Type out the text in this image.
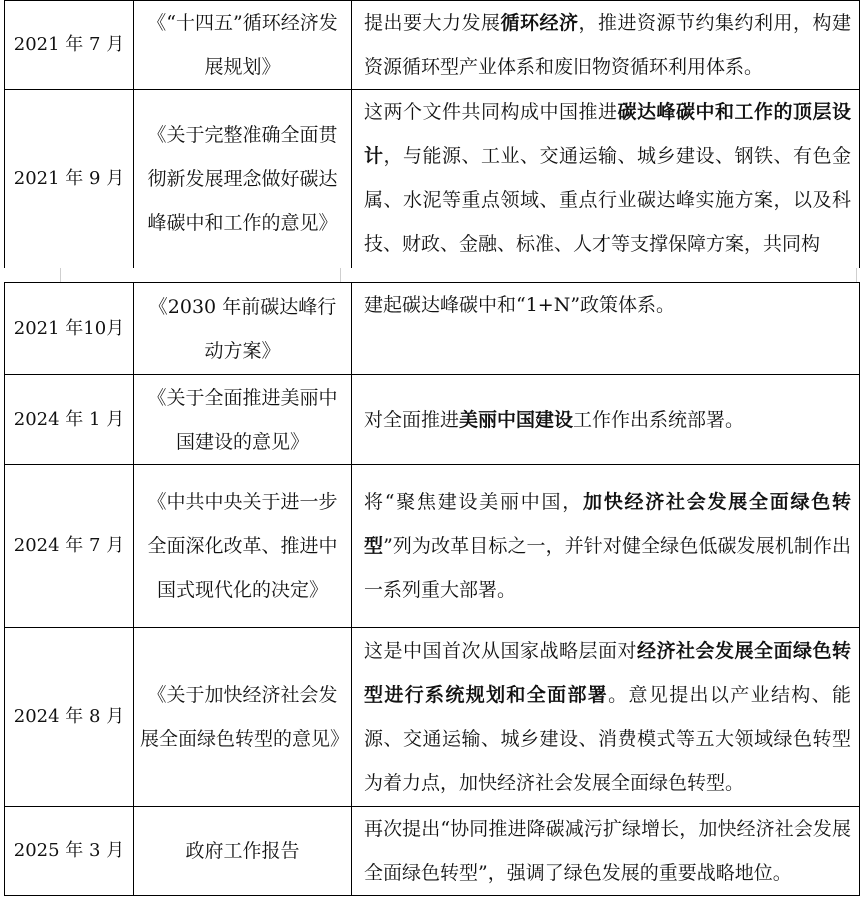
2021 年 7 月	《“十四五”循环经济发展规划》	提出要大力发展循环经济，推进资源节约集约利用，构建资源循环型产业体系和废旧物资循环利用体系。
2021 年 9 月	《关于完整准确全面贯彻新发展理念做好碳达峰碳中和工作的意见》	这两个文件共同构成中国推进碳达峰碳中和工作的顶层设计，与能源、工业、交通运输、城乡建设、钢铁、有色金属、水泥等重点领域、重点行业碳达峰实施方案，以及科技、财政、金融、标准、人才等支撑保障方案，共同构
2021 年10月	《2030 年前碳达峰行动方案》	建起碳达峰碳中和“1+N”政策体系。
2024 年 1 月	《关于全面推进美丽中国建设的意见》	对全面推进美丽中国建设工作作出系统部署。
2024 年 7 月	《中共中央关于进一步全面深化改革、推进中国式现代化的决定》	将“聚焦建设美丽中国，加快经济社会发展全面绿色转型”列为改革目标之一，并针对健全绿色低碳发展机制作出一系列重大部署。
2024 年 8 月	《关于加快经济社会发展全面绿色转型的意见》	这是中国首次从国家战略层面对经济社会发展全面绿色转型进行系统规划和全面部署。意见提出以产业结构、能源、交通运输、城乡建设、消费模式等五大领域绿色转型为着力点，加快经济社会发展全面绿色转型。
2025 年 3 月	政府工作报告	再次提出“协同推进降碳减污扩绿增长，加快经济社会发展全面绿色转型”，强调了绿色发展的重要战略地位。
